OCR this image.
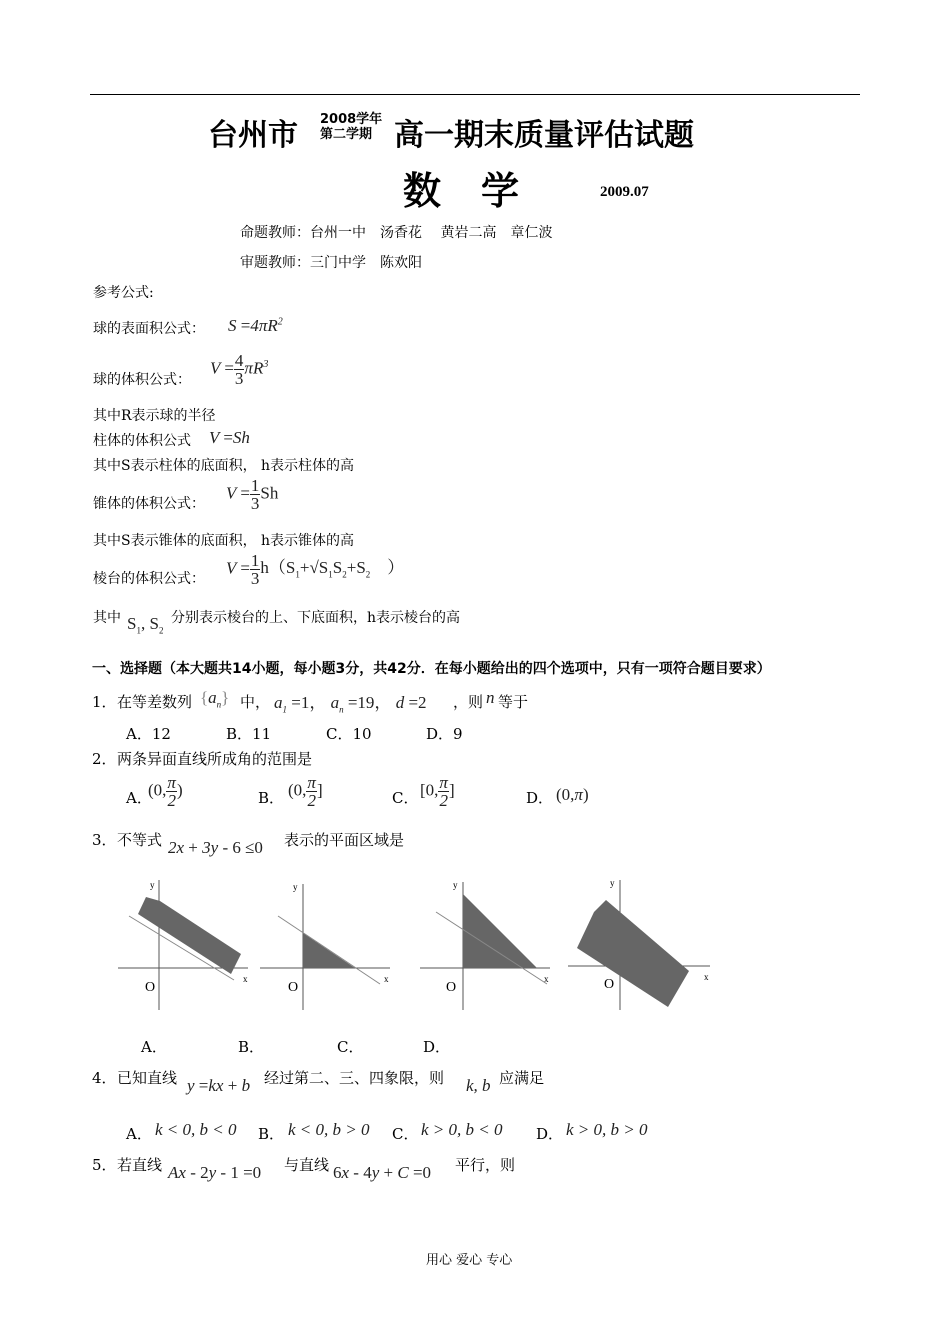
台州市 2008学年
第二学期 高一期末质量评估试题
数学	2009.07
命题教师：台州一中　汤香花　 黄岩二高　章仁波
审题教师：三门中学　陈欢阳
参考公式:
球的表面积公式： $S =4\pi R^2$
球的体积公式：
$V = \frac{4}{3} \pi R^3$
其中R表示球的半径
柱体的体积公式 V =Sh
其中S表示柱体的底面积， h表示柱体的高
锥体的体积公式：
$V = \frac{1}{3}$ Sh
其中S表示锥体的底面积， h表示锥体的高
棱台的体积公式：
$V = \frac{1}{3} h(S_1+√S_1S_2+S_2$　）
其中 $S_1$, $S_2$
分别表示棱台的上、下底面积，h表示棱台的高
一、选择题（本大题共14小题，每小题3分，共42分．在每小题给出的四个选项中，只有一项符合题目要求）
1． 在等差数列 $\{a_n\}$ 中， $a_1 =1$， $a_n =19$， d =2 ，则 n 等于
A．12	B．11	C．10	D．9
2． 两条异面直线所成角的范围是
A．
(0, $\frac{\pi}{2}$ )	B． (0, $\frac{\pi}{2}$ ]	C． [0, $\frac{\pi}{2}$ ]	D． (0,π)
3． 不等式 2x + 3y - 6 ≤0 表示的平面区域是
y
x
O
y
x
O
y
x
O
y
x
O
A．	B．	C．	D．
4． 已知直线 y =kx + b 经过第二、三、四象限，则 k, b 应满足
A． k < 0, b < 0 B． k < 0, b > 0 C． k > 0, b < 0 D． k > 0, b > 0
5． 若直线 Ax - 2y - 1 =0 与直线 6x - 4y + C =0 平行，则
用心 爱心 专心
